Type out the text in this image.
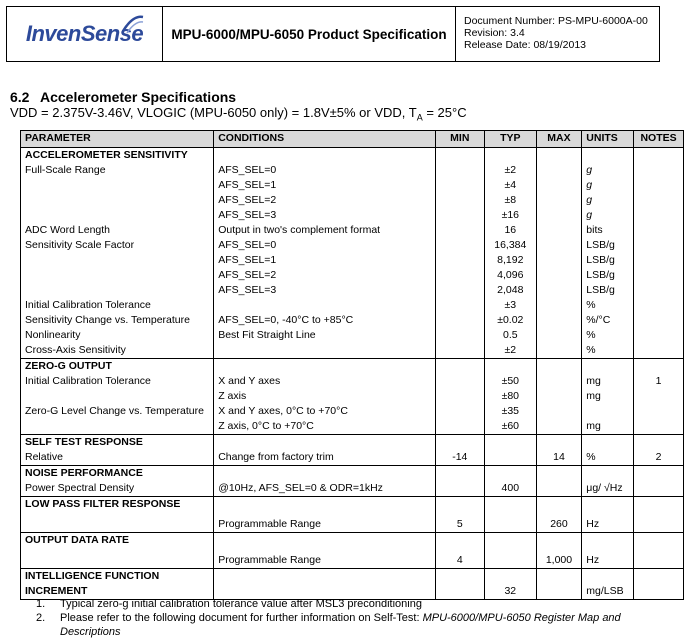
InvenSense	MPU-6000/MPU-6050 Product Specification
Document Number: PS-MPU-6000A-00
Revision: 3.4
Release Date: 08/19/2013
6.2 Accelerometer Specifications
VDD = 2.375V-3.46V, VLOGIC (MPU-6050 only) = 1.8V±5% or VDD, $T_A = 25^\circ C$
PARAMETER	CONDITIONS	MIN	TYP	MAX	UNITS	NOTES
ACCELEROMETER SENSITIVITY						
Full-Scale Range	AFS_SEL=0		±2		g	
	AFS_SEL=1		±4		g	
	AFS_SEL=2		±8		g	
	AFS_SEL=3		±16		g	
ADC Word Length	Output in two's complement format		16		bits	
Sensitivity Scale Factor	AFS_SEL=0		16,384		LSB/g	
	AFS_SEL=1		8,192		LSB/g	
	AFS_SEL=2		4,096		LSB/g	
	AFS_SEL=3		2,048		LSB/g	
Initial Calibration Tolerance			±3		%	
Sensitivity Change vs. Temperature	AFS_SEL=0, -40°C to +85°C		±0.02		%/°C	
Nonlinearity	Best Fit Straight Line		0.5		%	
Cross-Axis Sensitivity			±2		%	
ZERO-G OUTPUT						
Initial Calibration Tolerance	X and Y axes		±50		mg	1
	Z axis		±80		mg	
Zero-G Level Change vs. Temperature	X and Y axes, 0°C to +70°C		±35			
	Z axis, 0°C to +70°C		±60		mg	
SELF TEST RESPONSE						
Relative	Change from factory trim	-14		14	%	2
NOISE PERFORMANCE						
Power Spectral Density	@10Hz, AFS_SEL=0 & ODR=1kHz		400		μg/ √Hz	
LOW PASS FILTER RESPONSE						
	Programmable Range	5		260	Hz	
OUTPUT DATA RATE						
	Programmable Range	4		1,000	Hz	
INTELLIGENCE FUNCTION						
INCREMENT			32		mg/LSB	
1.	Typical zero-g initial calibration tolerance value after MSL3 preconditioning
2.	Please refer to the following document for further information on Self-Test: MPU-6000/MPU-6050 Register Map and Descriptions
